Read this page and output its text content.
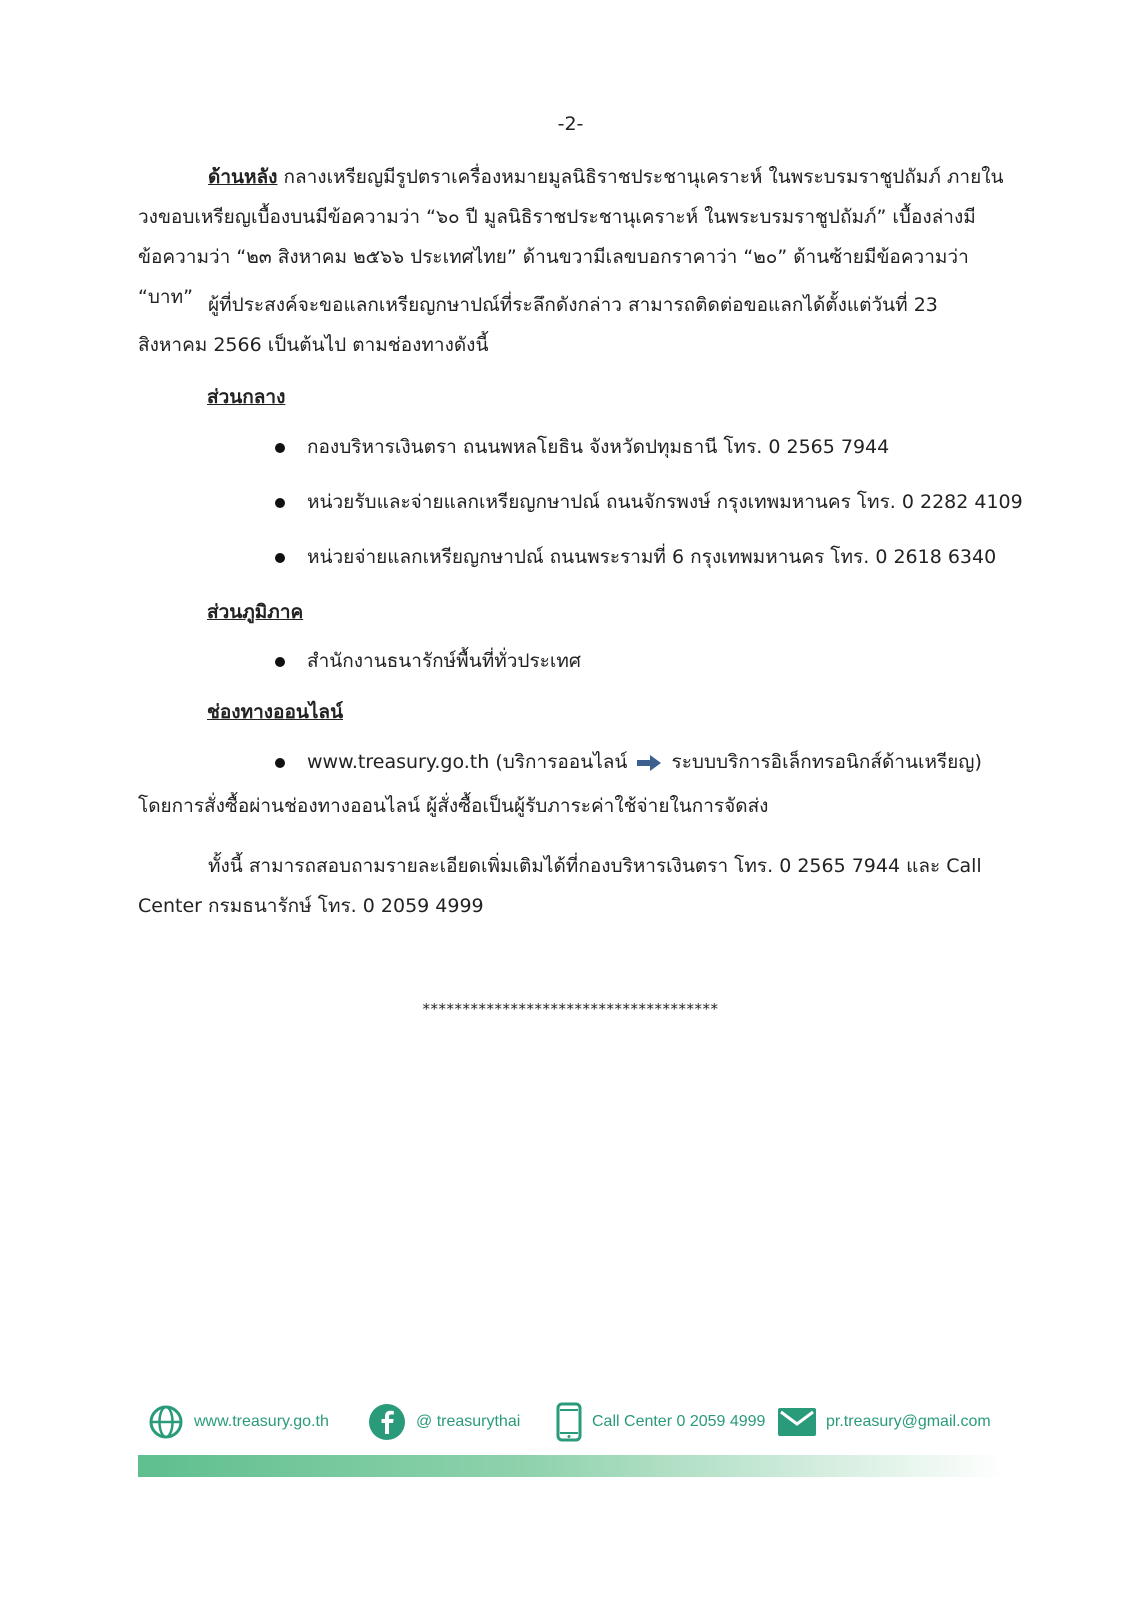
-2-
ด้านหลัง กลางเหรียญมีรูปตราเครื่องหมายมูลนิธิราชประชานุเคราะห์ ในพระบรมราชูปถัมภ์ ภายในวงขอบเหรียญเบื้องบนมีข้อความว่า “๖๐ ปี มูลนิธิราชประชานุเคราะห์ ในพระบรมราชูปถัมภ์” เบื้องล่างมีข้อความว่า “๒๓ สิงหาคม ๒๕๖๖ ประเทศไทย” ด้านขวามีเลขบอกราคาว่า “๒๐” ด้านซ้ายมีข้อความว่า “บาท” ผู้ที่ประสงค์จะขอแลกเหรียญกษาปณ์ที่ระลึกดังกล่าว สามารถติดต่อขอแลกได้ตั้งแต่วันที่ 23 สิงหาคม 2566 เป็นต้นไป ตามช่องทางดังนี้
ส่วนกลาง
กองบริหารเงินตรา ถนนพหลโยธิน จังหวัดปทุมธานี โทร. 0 2565 7944
หน่วยรับและจ่ายแลกเหรียญกษาปณ์ ถนนจักรพงษ์ กรุงเทพมหานคร โทร. 0 2282 4109
หน่วยจ่ายแลกเหรียญกษาปณ์ ถนนพระรามที่ 6 กรุงเทพมหานคร โทร. 0 2618 6340
ส่วนภูมิภาค
สำนักงานธนารักษ์พื้นที่ทั่วประเทศ
ช่องทางออนไลน์
www.treasury.go.th (บริการออนไลน์ ระบบบริการอิเล็กทรอนิกส์ด้านเหรียญ)
โดยการสั่งซื้อผ่านช่องทางออนไลน์ ผู้สั่งซื้อเป็นผู้รับภาระค่าใช้จ่ายในการจัดส่ง
ทั้งนี้ สามารถสอบถามรายละเอียดเพิ่มเติมได้ที่กองบริหารเงินตรา โทร. 0 2565 7944 และ Call Center กรมธนารักษ์ โทร. 0 2059 4999
*************************************
www.treasury.go.th	@ treasurythai	Call Center 0 2059 4999	pr.treasury@gmail.com
